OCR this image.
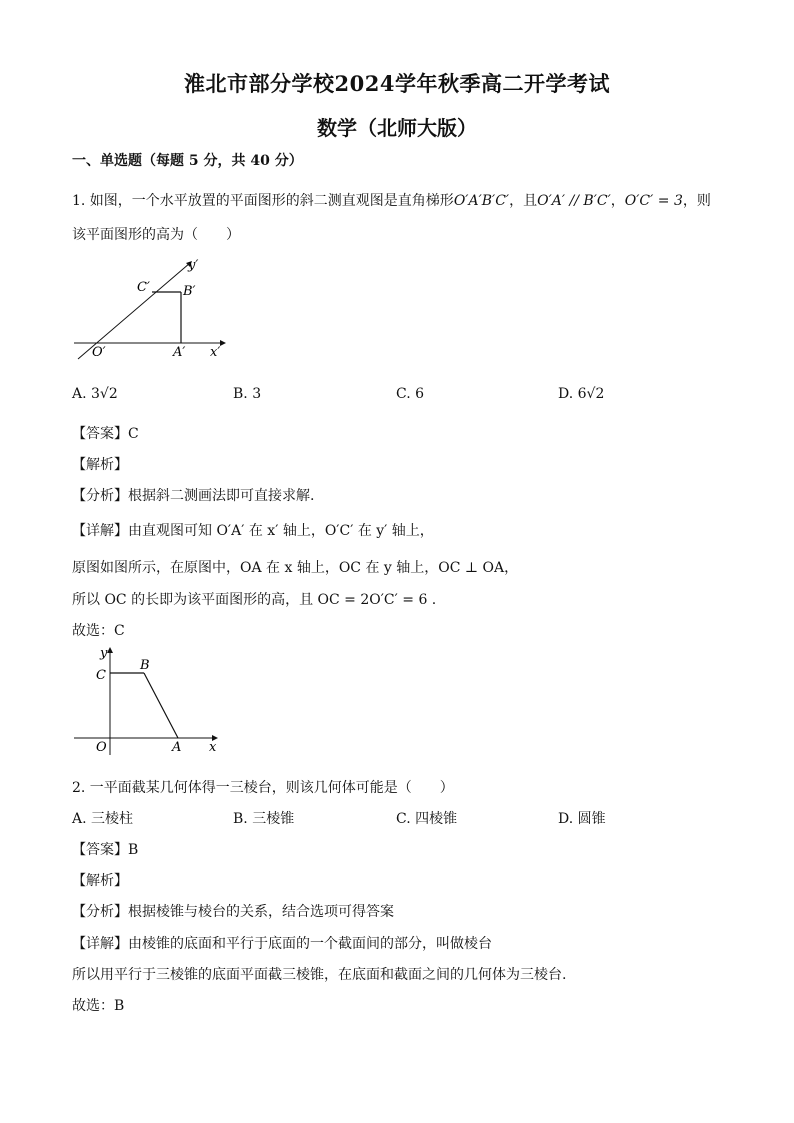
淮北市部分学校2024学年秋季高二开学考试
数学（北师大版）
一、单选题（每题 5 分，共 40 分）
1. 如图，一个水平放置的平面图形的斜二测直观图是直角梯形O′A′B′C′，且O′A′ // B′C′，O′C′ = 3，则
该平面图形的高为（　　）
y′
C′	B′
O′	A′ x′
A. 3√2	B. 3	C. 6	D. 6√2
【答案】C
【解析】
【分析】根据斜二测画法即可直接求解.
【详解】由直观图可知 O′A′ 在 x′ 轴上，O′C′ 在 y′ 轴上，
原图如图所示，在原图中，OA 在 x 轴上，OC 在 y 轴上，OC ⊥ OA，
所以 OC 的长即为该平面图形的高，且 OC = 2O′C′ = 6 .
故选：C
y
C
B
O	A x
2. 一平面截某几何体得一三棱台，则该几何体可能是（　　）
A. 三棱柱	B. 三棱锥	C. 四棱锥	D. 圆锥
【答案】B
【解析】
【分析】根据棱锥与棱台的关系，结合选项可得答案
【详解】由棱锥的底面和平行于底面的一个截面间的部分，叫做棱台
所以用平行于三棱锥的底面平面截三棱锥，在底面和截面之间的几何体为三棱台.
故选：B
